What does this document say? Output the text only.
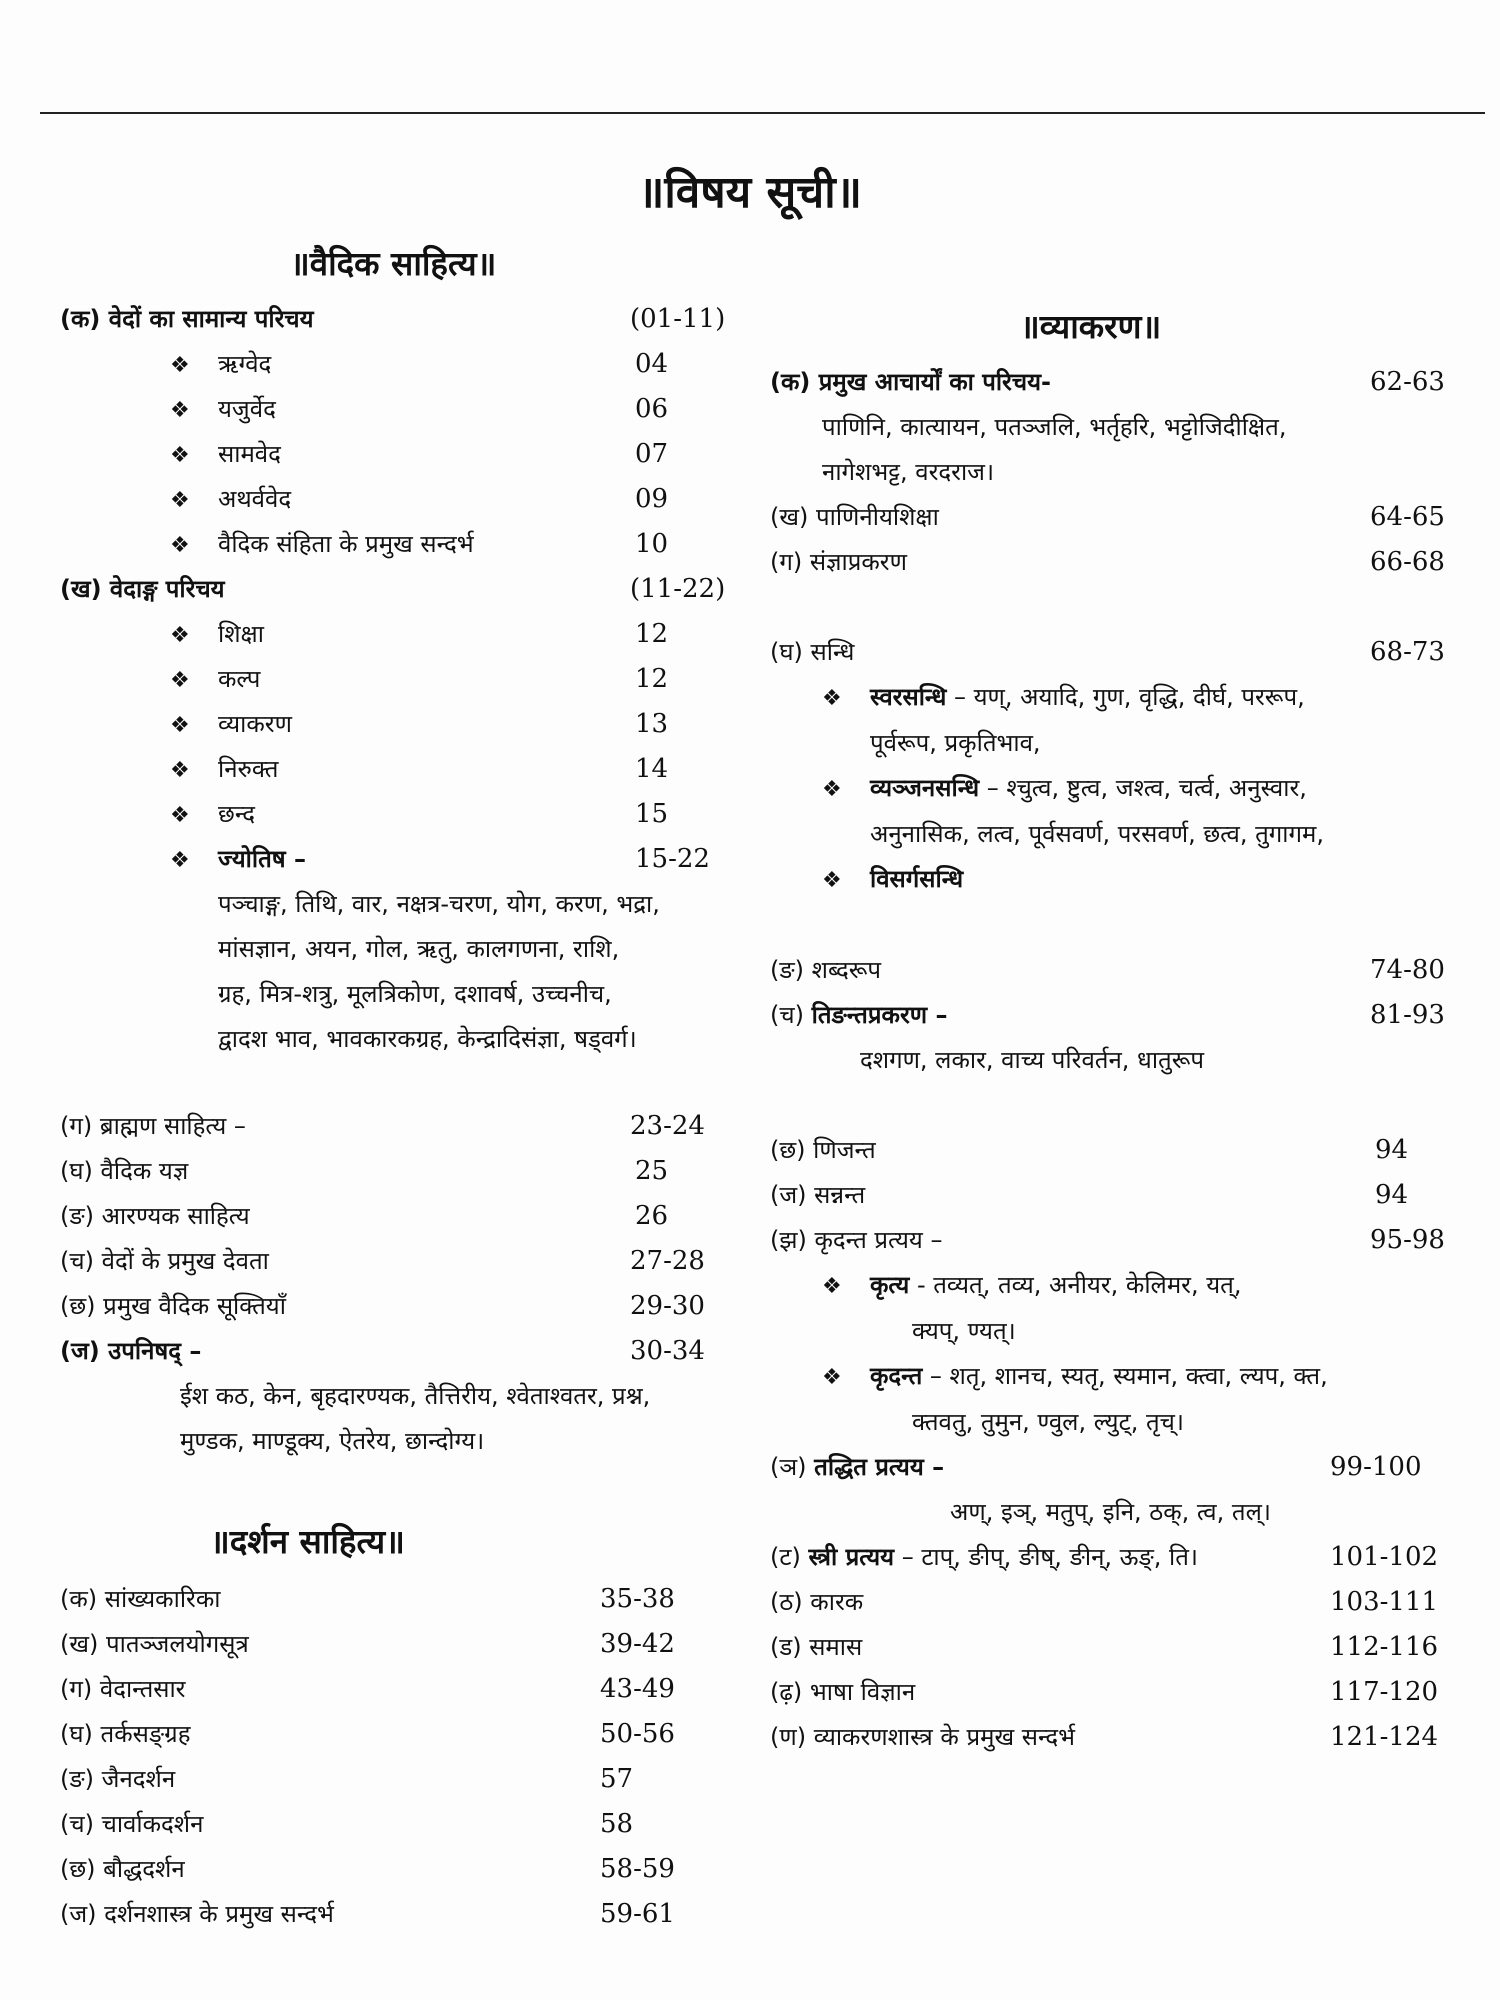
॥विषय सूची॥
॥वैदिक साहित्य॥
(क) वेदों का सामान्य परिचय	(01-11)
❖ ऋग्वेद	04
❖ यजुर्वेद	06
❖ सामवेद	07
❖ अथर्ववेद	09
❖ वैदिक संहिता के प्रमुख सन्दर्भ	10
(ख) वेदाङ्ग परिचय	(11-22)
❖ शिक्षा	12
❖ कल्प	12
❖ व्याकरण	13
❖ निरुक्त	14
❖ छन्द	15
❖ ज्योतिष –	15-22
पञ्चाङ्ग, तिथि, वार, नक्षत्र-चरण, योग, करण, भद्रा,
मांसज्ञान, अयन, गोल, ऋतु, कालगणना, राशि,
ग्रह, मित्र-शत्रु, मूलत्रिकोण, दशावर्ष, उच्चनीच,
द्वादश भाव, भावकारकग्रह, केन्द्रादिसंज्ञा, षड्वर्ग।
(ग) ब्राह्मण साहित्य –	23-24
(घ) वैदिक यज्ञ	25
(ङ) आरण्यक साहित्य	26
(च) वेदों के प्रमुख देवता	27-28
(छ) प्रमुख वैदिक सूक्तियाँ	29-30
(ज) उपनिषद् –	30-34
ईश कठ, केन, बृहदारण्यक, तैत्तिरीय, श्वेताश्वतर, प्रश्न,
मुण्डक, माण्डूक्य, ऐतरेय, छान्दोग्य।
॥दर्शन साहित्य॥
(क) सांख्यकारिका	35-38
(ख) पातञ्जलयोगसूत्र	39-42
(ग) वेदान्तसार	43-49
(घ) तर्कसङ्ग्रह	50-56
(ङ) जैनदर्शन	57
(च) चार्वाकदर्शन	58
(छ) बौद्धदर्शन	58-59
(ज) दर्शनशास्त्र के प्रमुख सन्दर्भ	59-61
॥व्याकरण॥
(क) प्रमुख आचार्यों का परिचय-	62-63
पाणिनि, कात्यायन, पतञ्जलि, भर्तृहरि, भट्टोजिदीक्षित,
नागेशभट्ट, वरदराज।
(ख) पाणिनीयशिक्षा	64-65
(ग) संज्ञाप्रकरण	66-68
(घ) सन्धि	68-73
❖ स्वरसन्धि – यण्, अयादि, गुण, वृद्धि, दीर्घ, पररूप,
पूर्वरूप, प्रकृतिभाव,
❖ व्यञ्जनसन्धि – श्चुत्व, ष्टुत्व, जश्त्व, चर्त्व, अनुस्वार,
अनुनासिक, लत्व, पूर्वसवर्ण, परसवर्ण, छत्व, तुगागम,
❖ विसर्गसन्धि
(ङ) शब्दरूप	74-80
(च) तिङन्तप्रकरण –	81-93
दशगण, लकार, वाच्य परिवर्तन, धातुरूप
(छ) णिजन्त	94
(ज) सन्नन्त	94
(झ) कृदन्त प्रत्यय –	95-98
❖ कृत्य - तव्यत्, तव्य, अनीयर, केलिमर, यत्,
क्यप्, ण्यत्।
❖ कृदन्त – शतृ, शानच, स्यतृ, स्यमान, क्त्वा, ल्यप, क्त,
क्तवतु, तुमुन, ण्वुल, ल्युट्, तृच्।
(ञ) तद्धित प्रत्यय –	99-100
अण्, इञ्, मतुप्, इनि, ठक्, त्व, तल्।
(ट) स्त्री प्रत्यय – टाप्, ङीप्, ङीष्, ङीन्, ऊङ्, ति।	101-102
(ठ) कारक	103-111
(ड) समास	112-116
(ढ़) भाषा विज्ञान	117-120
(ण) व्याकरणशास्त्र के प्रमुख सन्दर्भ	121-124
